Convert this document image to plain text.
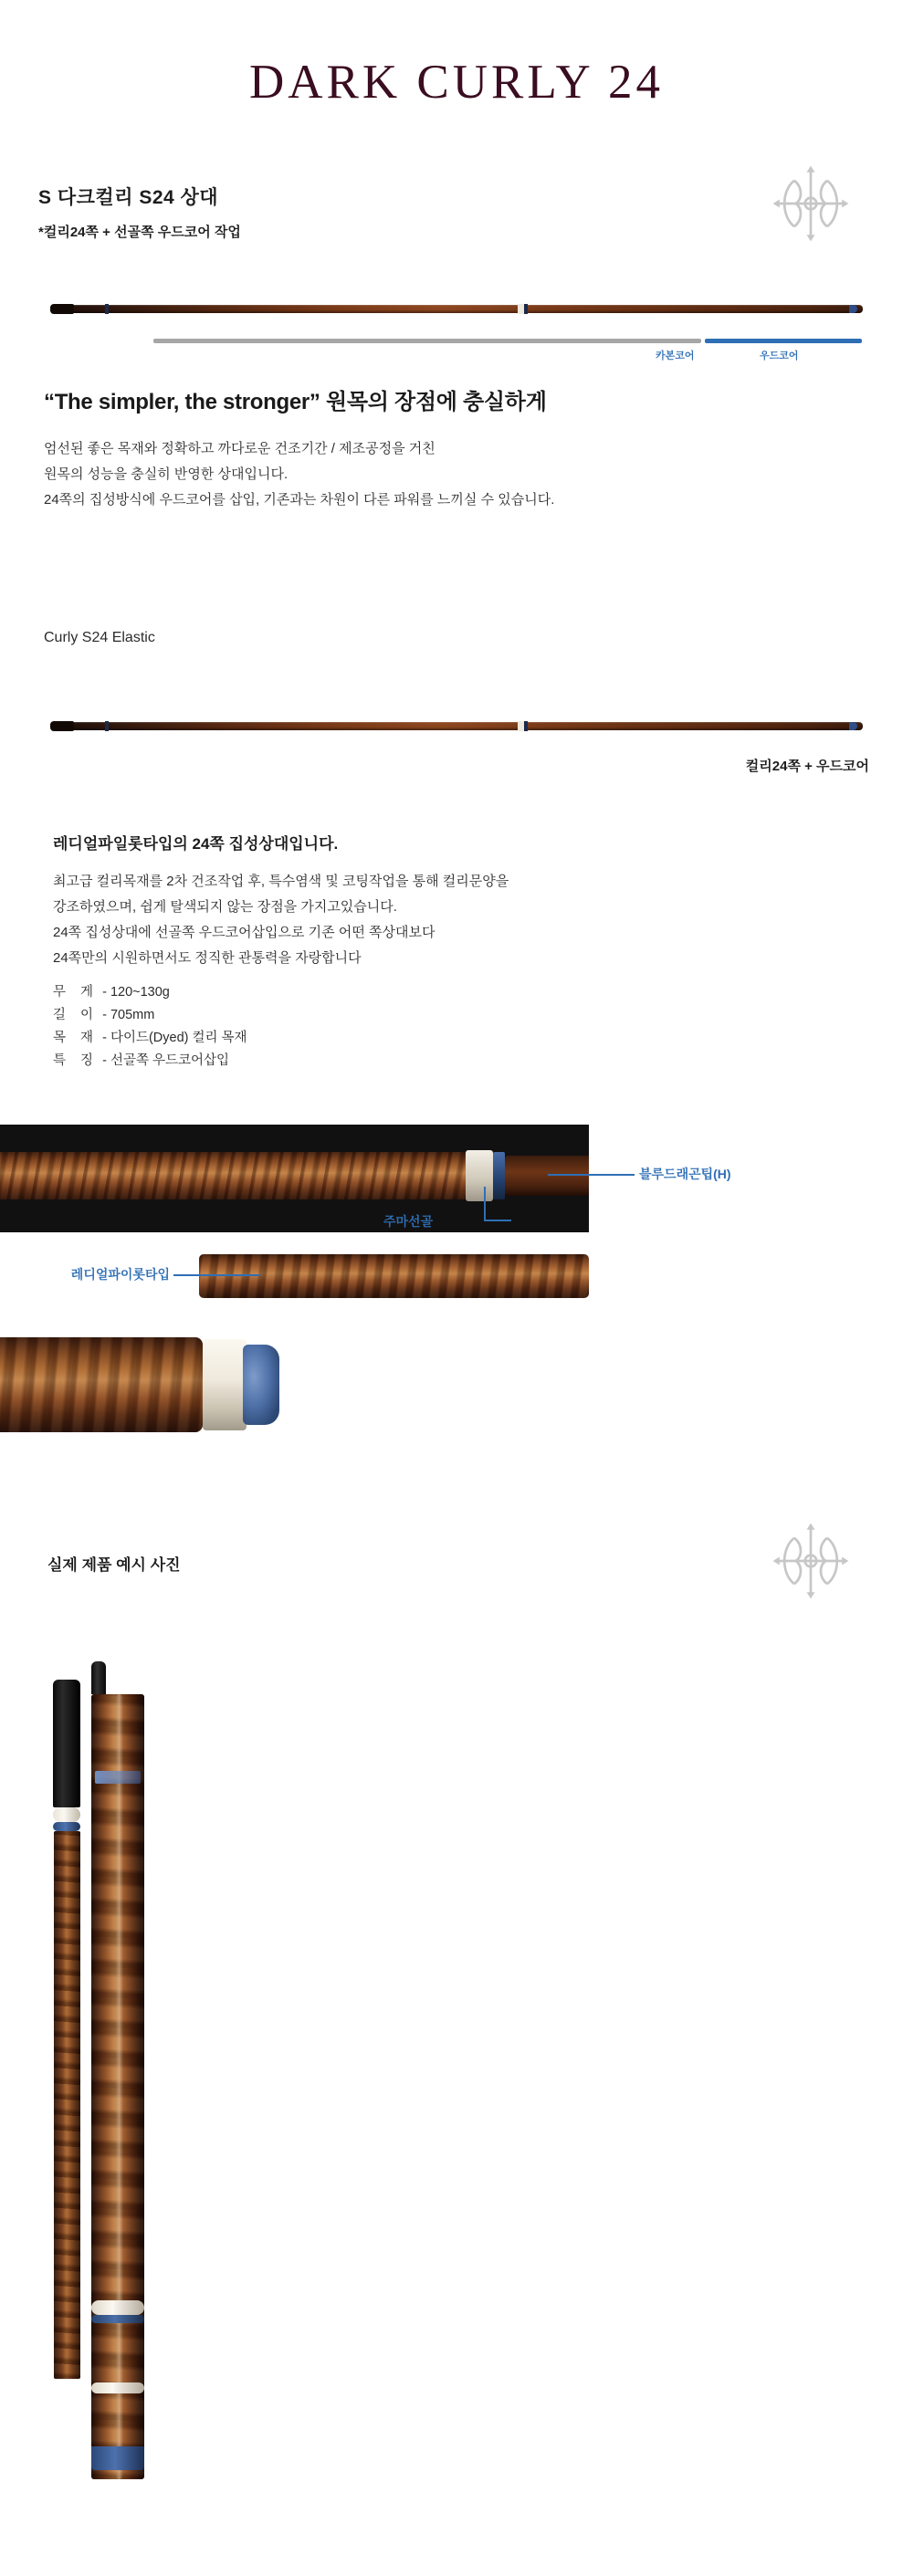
DARK CURLY 24
S 다크컬리 S24 상대
*컬리24쪽 + 선골쪽 우드코어 작업
카본코어	우드코어
“The simpler, the stronger” 원목의 장점에 충실하게
엄선된 좋은 목재와 정확하고 까다로운 건조기간 / 제조공정을 거친
원목의 성능을 충실히 반영한 상대입니다.
24쪽의 집성방식에 우드코어를 삽입, 기존과는 차원이 다른 파워를 느끼실 수 있습니다.
Curly S24 Elastic
컬리24쪽 + 우드코어
레디얼파일롯타입의 24쪽 집성상대입니다.
최고급 컬리목재를 2차 건조작업 후, 특수염색 및 코팅작업을 통해 컬리문양을
강조하였으며, 쉽게 탈색되지 않는 장점을 가지고있습니다.
24쪽 집성상대에 선골쪽 우드코어삽입으로 기존 어떤 쪽상대보다
24쪽만의 시원하면서도 정직한 관통력을 자랑합니다
무 게 - 120~130g
길 이 - 705mm
목 재 - 다이드(Dyed) 컬리 목재
특 징 - 선골쪽 우드코어삽입
블루드래곤팁(H)
주마선골
레디얼파이롯타입
실제 제품 예시 사진
